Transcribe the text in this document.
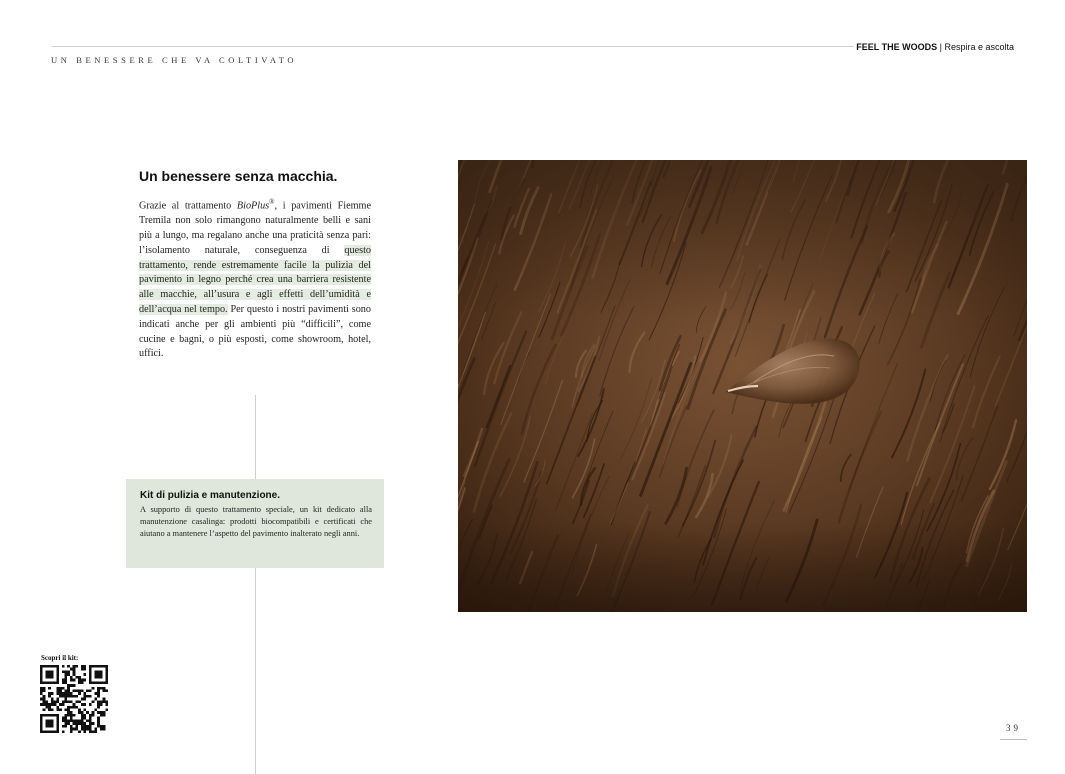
FEEL THE WOODS | Respira e ascolta
UN BENESSERE CHE VA COLTIVATO
Un benessere senza macchia.
Grazie al trattamento BioPlus®, i pavimenti Fiemme Tremila non solo rimangono naturalmente belli e sani più a lungo, ma regalano anche una praticità senza pari: l’isolamento naturale, conseguenza di questo trattamento, rende estremamente facile la pulizia del pavimento in legno perché crea una barriera resistente alle macchie, all’usura e agli effetti dell’umidità e dell’acqua nel tempo. Per questo i nostri pavimenti sono indicati anche per gli ambienti più “difficili”, come cucine e bagni, o più esposti, come showroom, hotel, uffici.
Kit di pulizia e manutenzione.
A supporto di questo trattamento speciale, un kit dedicato alla manutenzione casalinga: prodotti biocompatibili e certificati che aiutano a mantenere l’aspetto del pavimento inalterato negli anni.
Scopri il kit:
39
